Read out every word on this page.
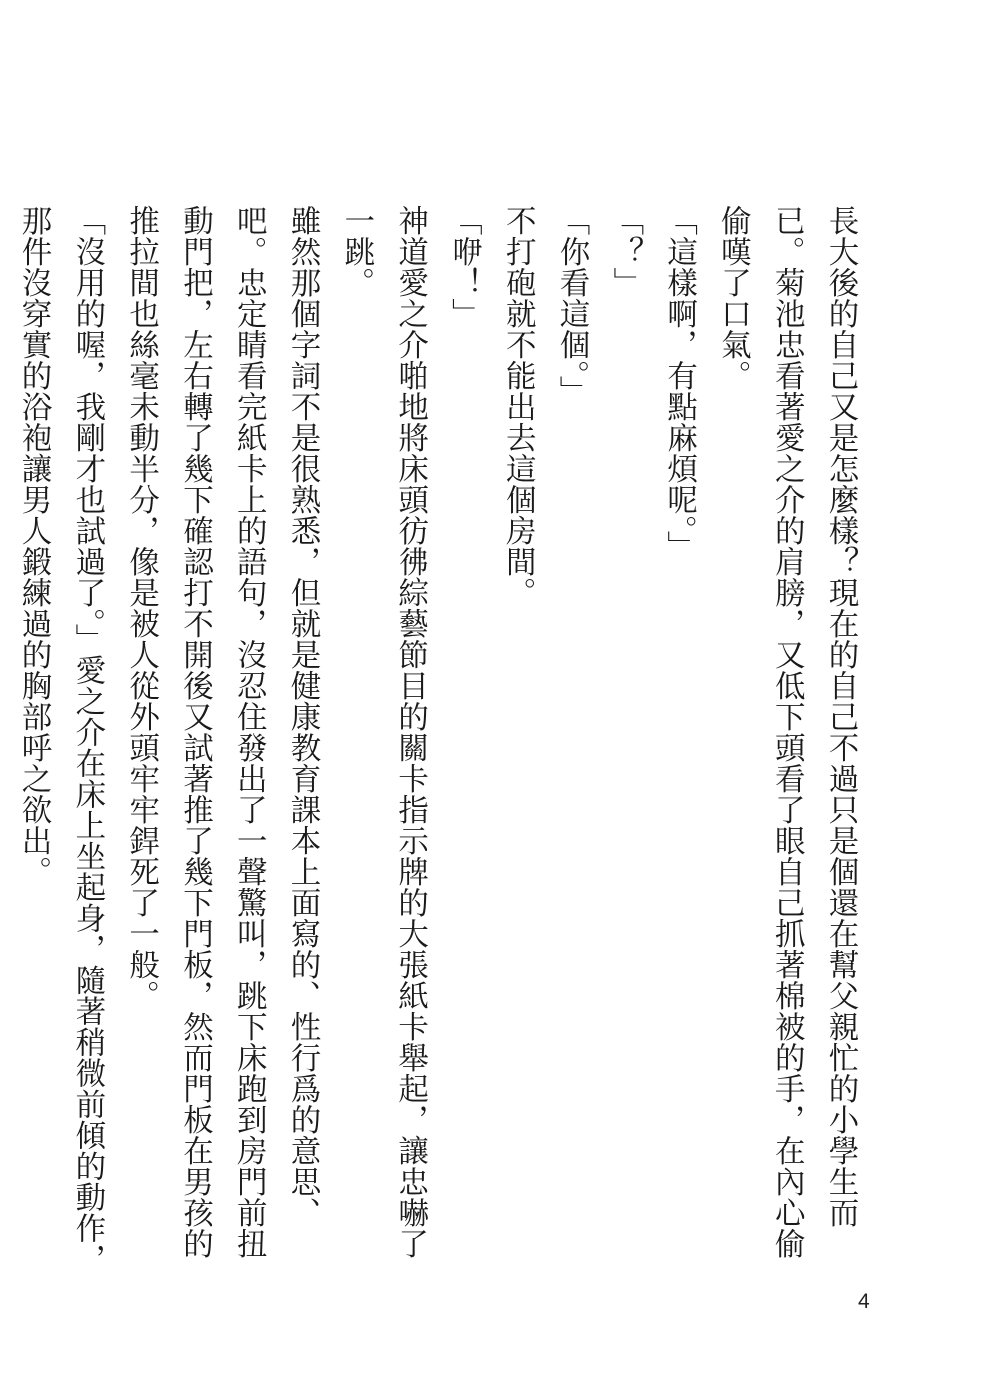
長大後的自己又是怎麼樣？現在的自己不過只是個還在幫父親忙的小學生而已。菊池忠看著愛之介的肩膀，又低下頭看了眼自己抓著棉被的手，在內心偷偷嘆了口氣。

「這樣啊，有點麻煩呢。」

「？」

「你看這個。」

不打砲就不能出去這個房間。

「咿！」

神道愛之介啪地將床頭彷彿綜藝節目的關卡指示牌的大張紙卡舉起，讓忠嚇了一跳。

雖然那個字詞不是很熟悉，但就是健康教育課本上面寫的、性行爲的意思、吧。忠定睛看完紙卡上的語句，沒忍住發出了一聲驚叫，跳下床跑到房門前扭動門把，左右轉了幾下確認打不開後又試著推了幾下門板，然而門板在男孩的推拉間也絲毫未動半分，像是被人從外頭牢牢銲死了一般。

「沒用的喔，我剛才也試過了。」愛之介在床上坐起身，隨著稍微前傾的動作，那件沒穿實的浴袍讓男人鍛練過的胸部呼之欲出。

4
